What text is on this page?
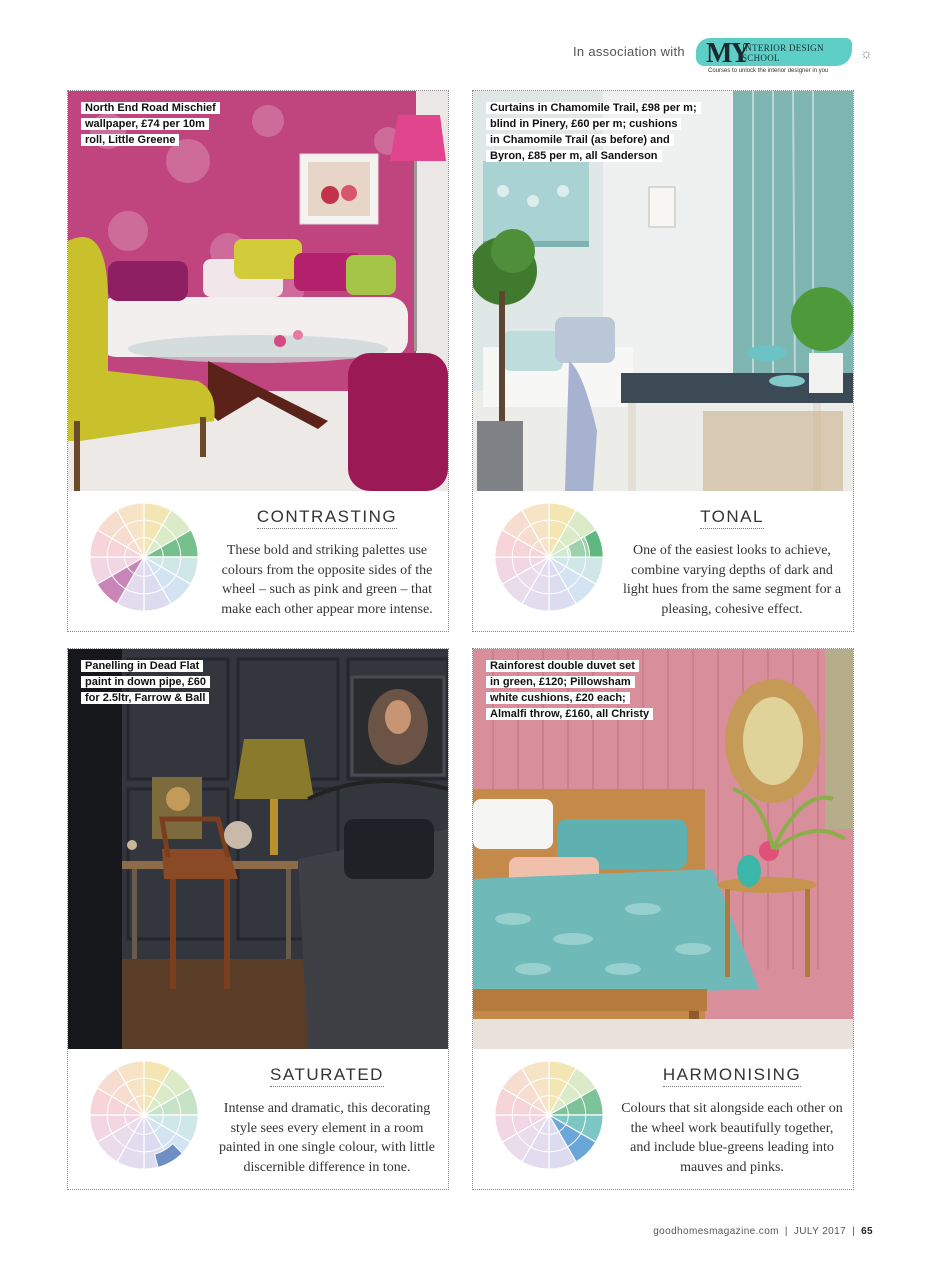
In association with MY
INTERIOR DESIGN
SCHOOL
Courses to unlock the interior designer in you
☼
North End Road Mischief
wallpaper, £74 per 10m
roll, Little Greene
CONTRASTING
These bold and striking palettes use colours from the opposite sides of the wheel – such as pink and green – that make each other appear more intense.
Curtains in Chamomile Trail, £98 per m;
blind in Pinery, £60 per m; cushions
in Chamomile Trail (as before) and
Byron, £85 per m, all Sanderson
TONAL
One of the easiest looks to achieve, combine varying depths of dark and light hues from the same segment for a pleasing, cohesive effect.
Panelling in Dead Flat
paint in down pipe, £60
for 2.5ltr, Farrow & Ball
SATURATED
Intense and dramatic, this decorating style sees every element in a room painted in one single colour, with little discernible difference in tone.
Rainforest double duvet set
in green, £120; Pillowsham
white cushions, £20 each;
Almalfi throw, £160, all Christy
HARMONISING
Colours that sit alongside each other on the wheel work beautifully together, and include blue-greens leading into mauves and pinks.
goodhomesmagazine.com | JULY 2017 | 65
